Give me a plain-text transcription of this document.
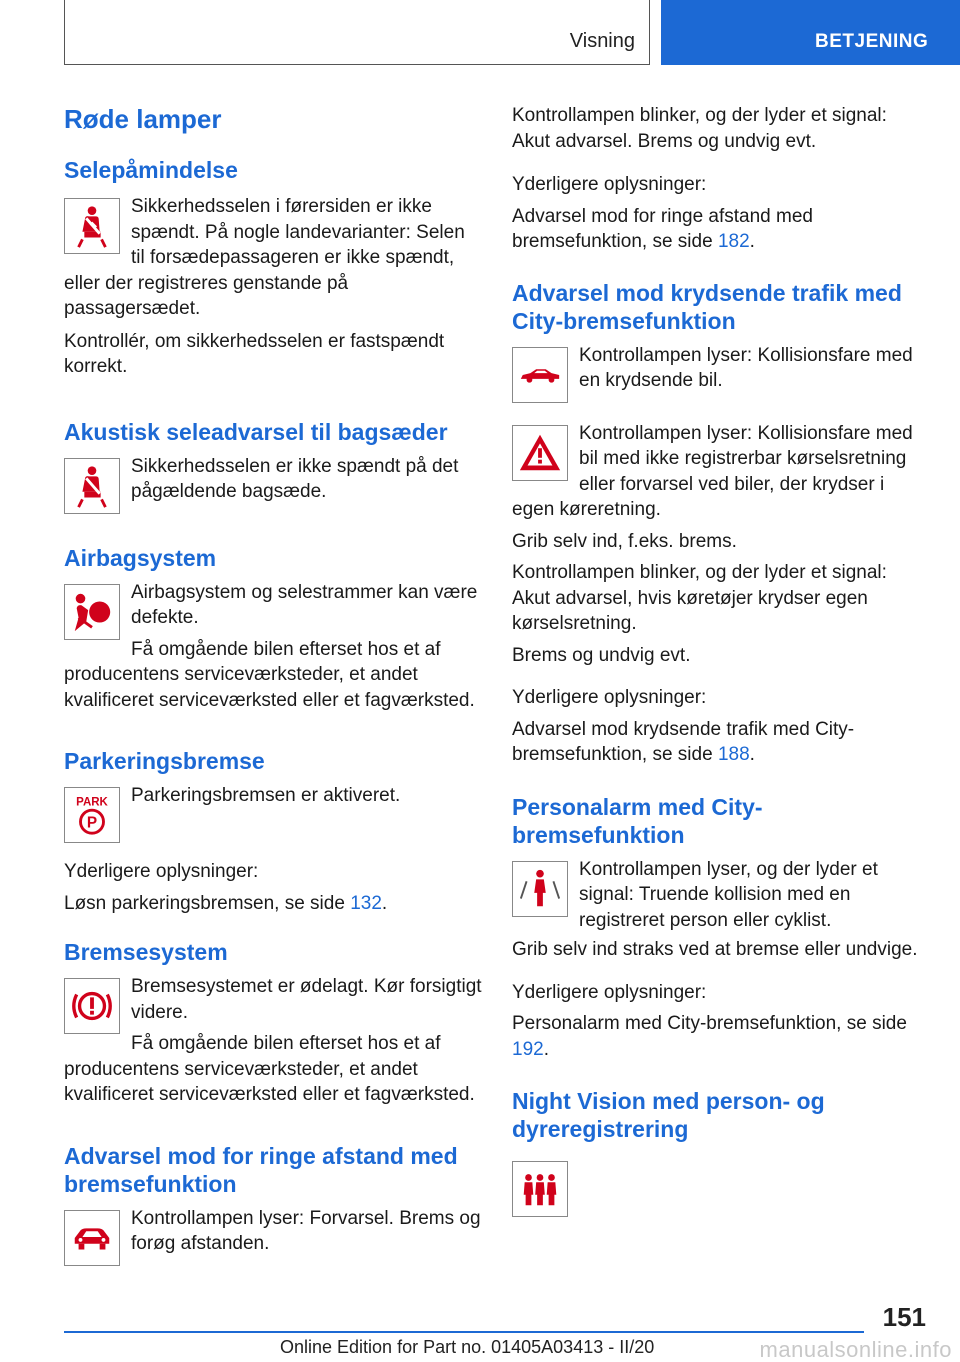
Visning	BETJENING
Røde lamper
Selepåmindelse

Sikkerhedsselen i førersiden er ikke spændt. På nogle landevarianter: Selen til forsædepassageren er ikke spændt, eller der registreres genstande på passagersædet.

Kontrollér, om sikkerhedsselen er fastspændt korrekt.

Akustisk seleadvarsel til bagsæder

Sikkerhedsselen er ikke spændt på det pågældende bagsæde.

Airbagsystem

Airbagsystem og selestrammer kan være defekte.

Få omgående bilen efterset hos et af producentens serviceværksteder, et andet kvalificeret serviceværksted eller et fagværksted.

Parkeringsbremse
PARK
P

Parkeringsbremsen er aktiveret.

Yderligere oplysninger:

Løsn parkeringsbremsen, se side 132.

Bremsesystem

Bremsesystemet er ødelagt. Kør forsigtigt videre.

Få omgående bilen efterset hos et af producentens serviceværksteder, et andet kvalificeret serviceværksted eller et fagværksted.

Advarsel mod for ringe afstand med bremsefunktion

Kontrollampen lyser: Forvarsel. Brems og forøg afstanden.

Kontrollampen blinker, og der lyder et signal: Akut advarsel. Brems og undvig evt.

Yderligere oplysninger:

Advarsel mod for ringe afstand med bremsefunktion, se side 182.

Advarsel mod krydsende trafik med City-bremsefunktion

Kontrollampen lyser: Kollisionsfare med en krydsende bil.

Kontrollampen lyser: Kollisionsfare med bil med ikke registrerbar kørselsretning eller forvarsel ved biler, der krydser i egen køreretning.

Grib selv ind, f.eks. brems.

Kontrollampen blinker, og der lyder et signal: Akut advarsel, hvis køretøjer krydser egen kørselsretning.

Brems og undvig evt.

Yderligere oplysninger:

Advarsel mod krydsende trafik med City-bremsefunktion, se side 188.

Personalarm med City-bremsefunktion

Kontrollampen lyser, og der lyder et signal: Truende kollision med en registreret person eller cyklist.

Grib selv ind straks ved at bremse eller undvige.

Yderligere oplysninger:

Personalarm med City-bremsefunktion, se side 192.

Night Vision med person- og dyreregistrering
151
Online Edition for Part no. 01405A03413 - II/20	manualsonline.info
